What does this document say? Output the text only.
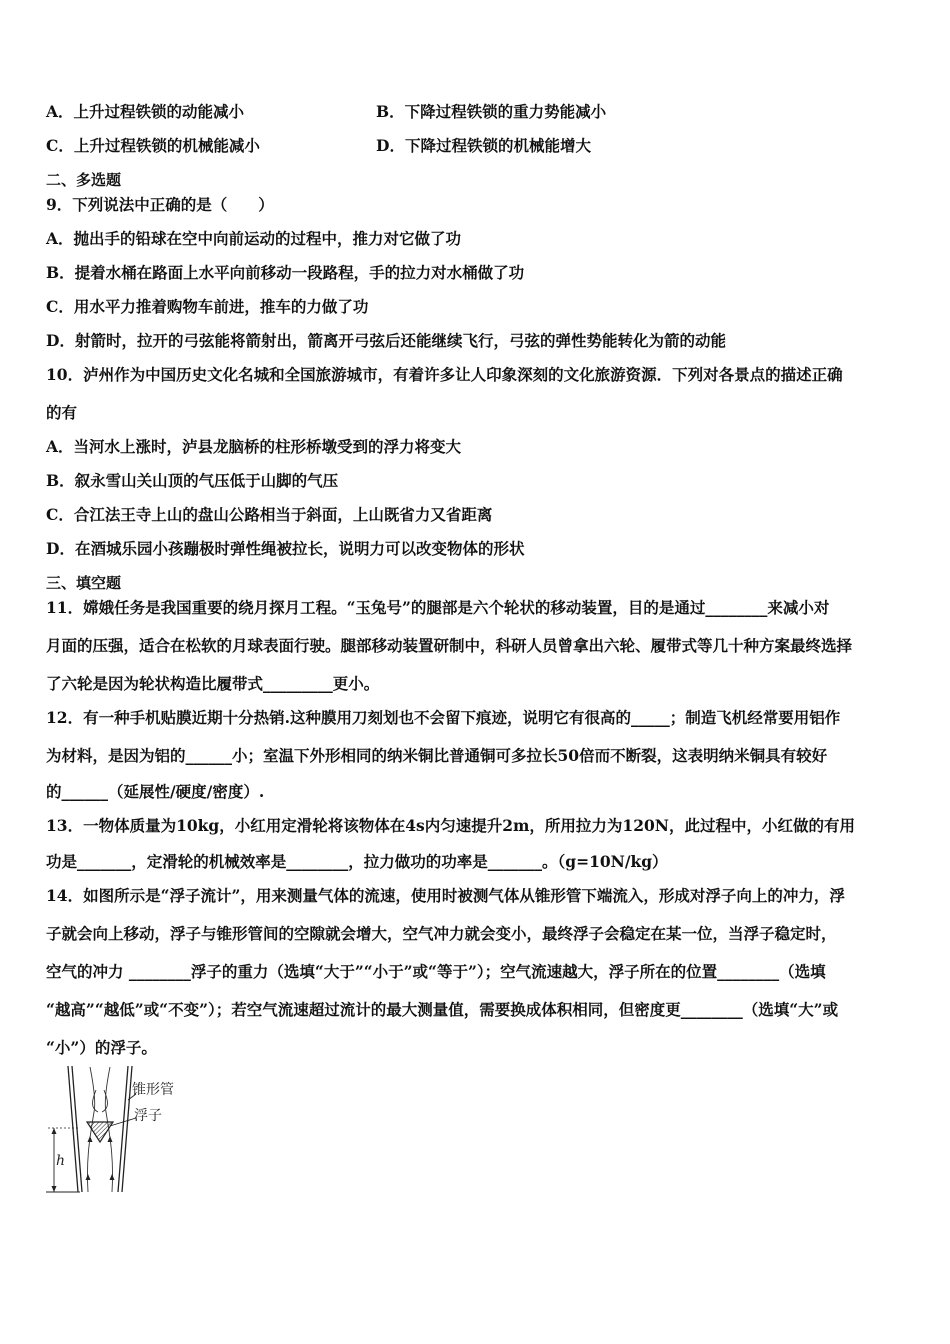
A．上升过程铁锁的动能减小	B．下降过程铁锁的重力势能减小
C．上升过程铁锁的机械能减小	D．下降过程铁锁的机械能增大
二、多选题
9．下列说法中正确的是（　　）
A．抛出手的铅球在空中向前运动的过程中，推力对它做了功
B．提着水桶在路面上水平向前移动一段路程，手的拉力对水桶做了功
C．用水平力推着购物车前进，推车的力做了功
D．射箭时，拉开的弓弦能将箭射出，箭离开弓弦后还能继续飞行，弓弦的弹性势能转化为箭的动能
10．泸州作为中国历史文化名城和全国旅游城市，有着许多让人印象深刻的文化旅游资源．下列对各景点的描述正确
的有
A．当河水上涨时，泸县龙脑桥的柱形桥墩受到的浮力将变大
B．叙永雪山关山顶的气压低于山脚的气压
C．合江法王寺上山的盘山公路相当于斜面，上山既省力又省距离
D．在酒城乐园小孩蹦极时弹性绳被拉长，说明力可以改变物体的形状
三、填空题
11．嫦娥任务是我国重要的绕月探月工程。“玉兔号”的腿部是六个轮状的移动装置，目的是通过________来减小对
月面的压强，适合在松软的月球表面行驶。腿部移动装置研制中，科研人员曾拿出六轮、履带式等几十种方案最终选择
了六轮是因为轮状构造比履带式_________更小。
12．有一种手机贴膜近期十分热销.这种膜用刀刻划也不会留下痕迹，说明它有很高的_____；制造飞机经常要用铝作
为材料，是因为铝的______小；室温下外形相同的纳米铜比普通铜可多拉长50倍而不断裂，这表明纳米铜具有较好
的______（延展性/硬度/密度）.
13．一物体质量为10kg，小红用定滑轮将该物体在4s内匀速提升2m，所用拉力为120N，此过程中，小红做的有用
功是_______，定滑轮的机械效率是________，拉力做功的功率是_______。（g=10N/kg）
14．如图所示是“浮子流计”，用来测量气体的流速，使用时被测气体从锥形管下端流入，形成对浮子向上的冲力，浮
子就会向上移动，浮子与锥形管间的空隙就会增大，空气冲力就会变小，最终浮子会稳定在某一位，当浮子稳定时，
空气的冲力 ________浮子的重力（选填“大于”“小于”或“等于”）；空气流速越大，浮子所在的位置________（选填
“越高”“越低”或“不变”）；若空气流速超过流计的最大测量值，需要换成体积相同，但密度更________（选填“大”或
“小”）的浮子。
锥形管
浮子
h
